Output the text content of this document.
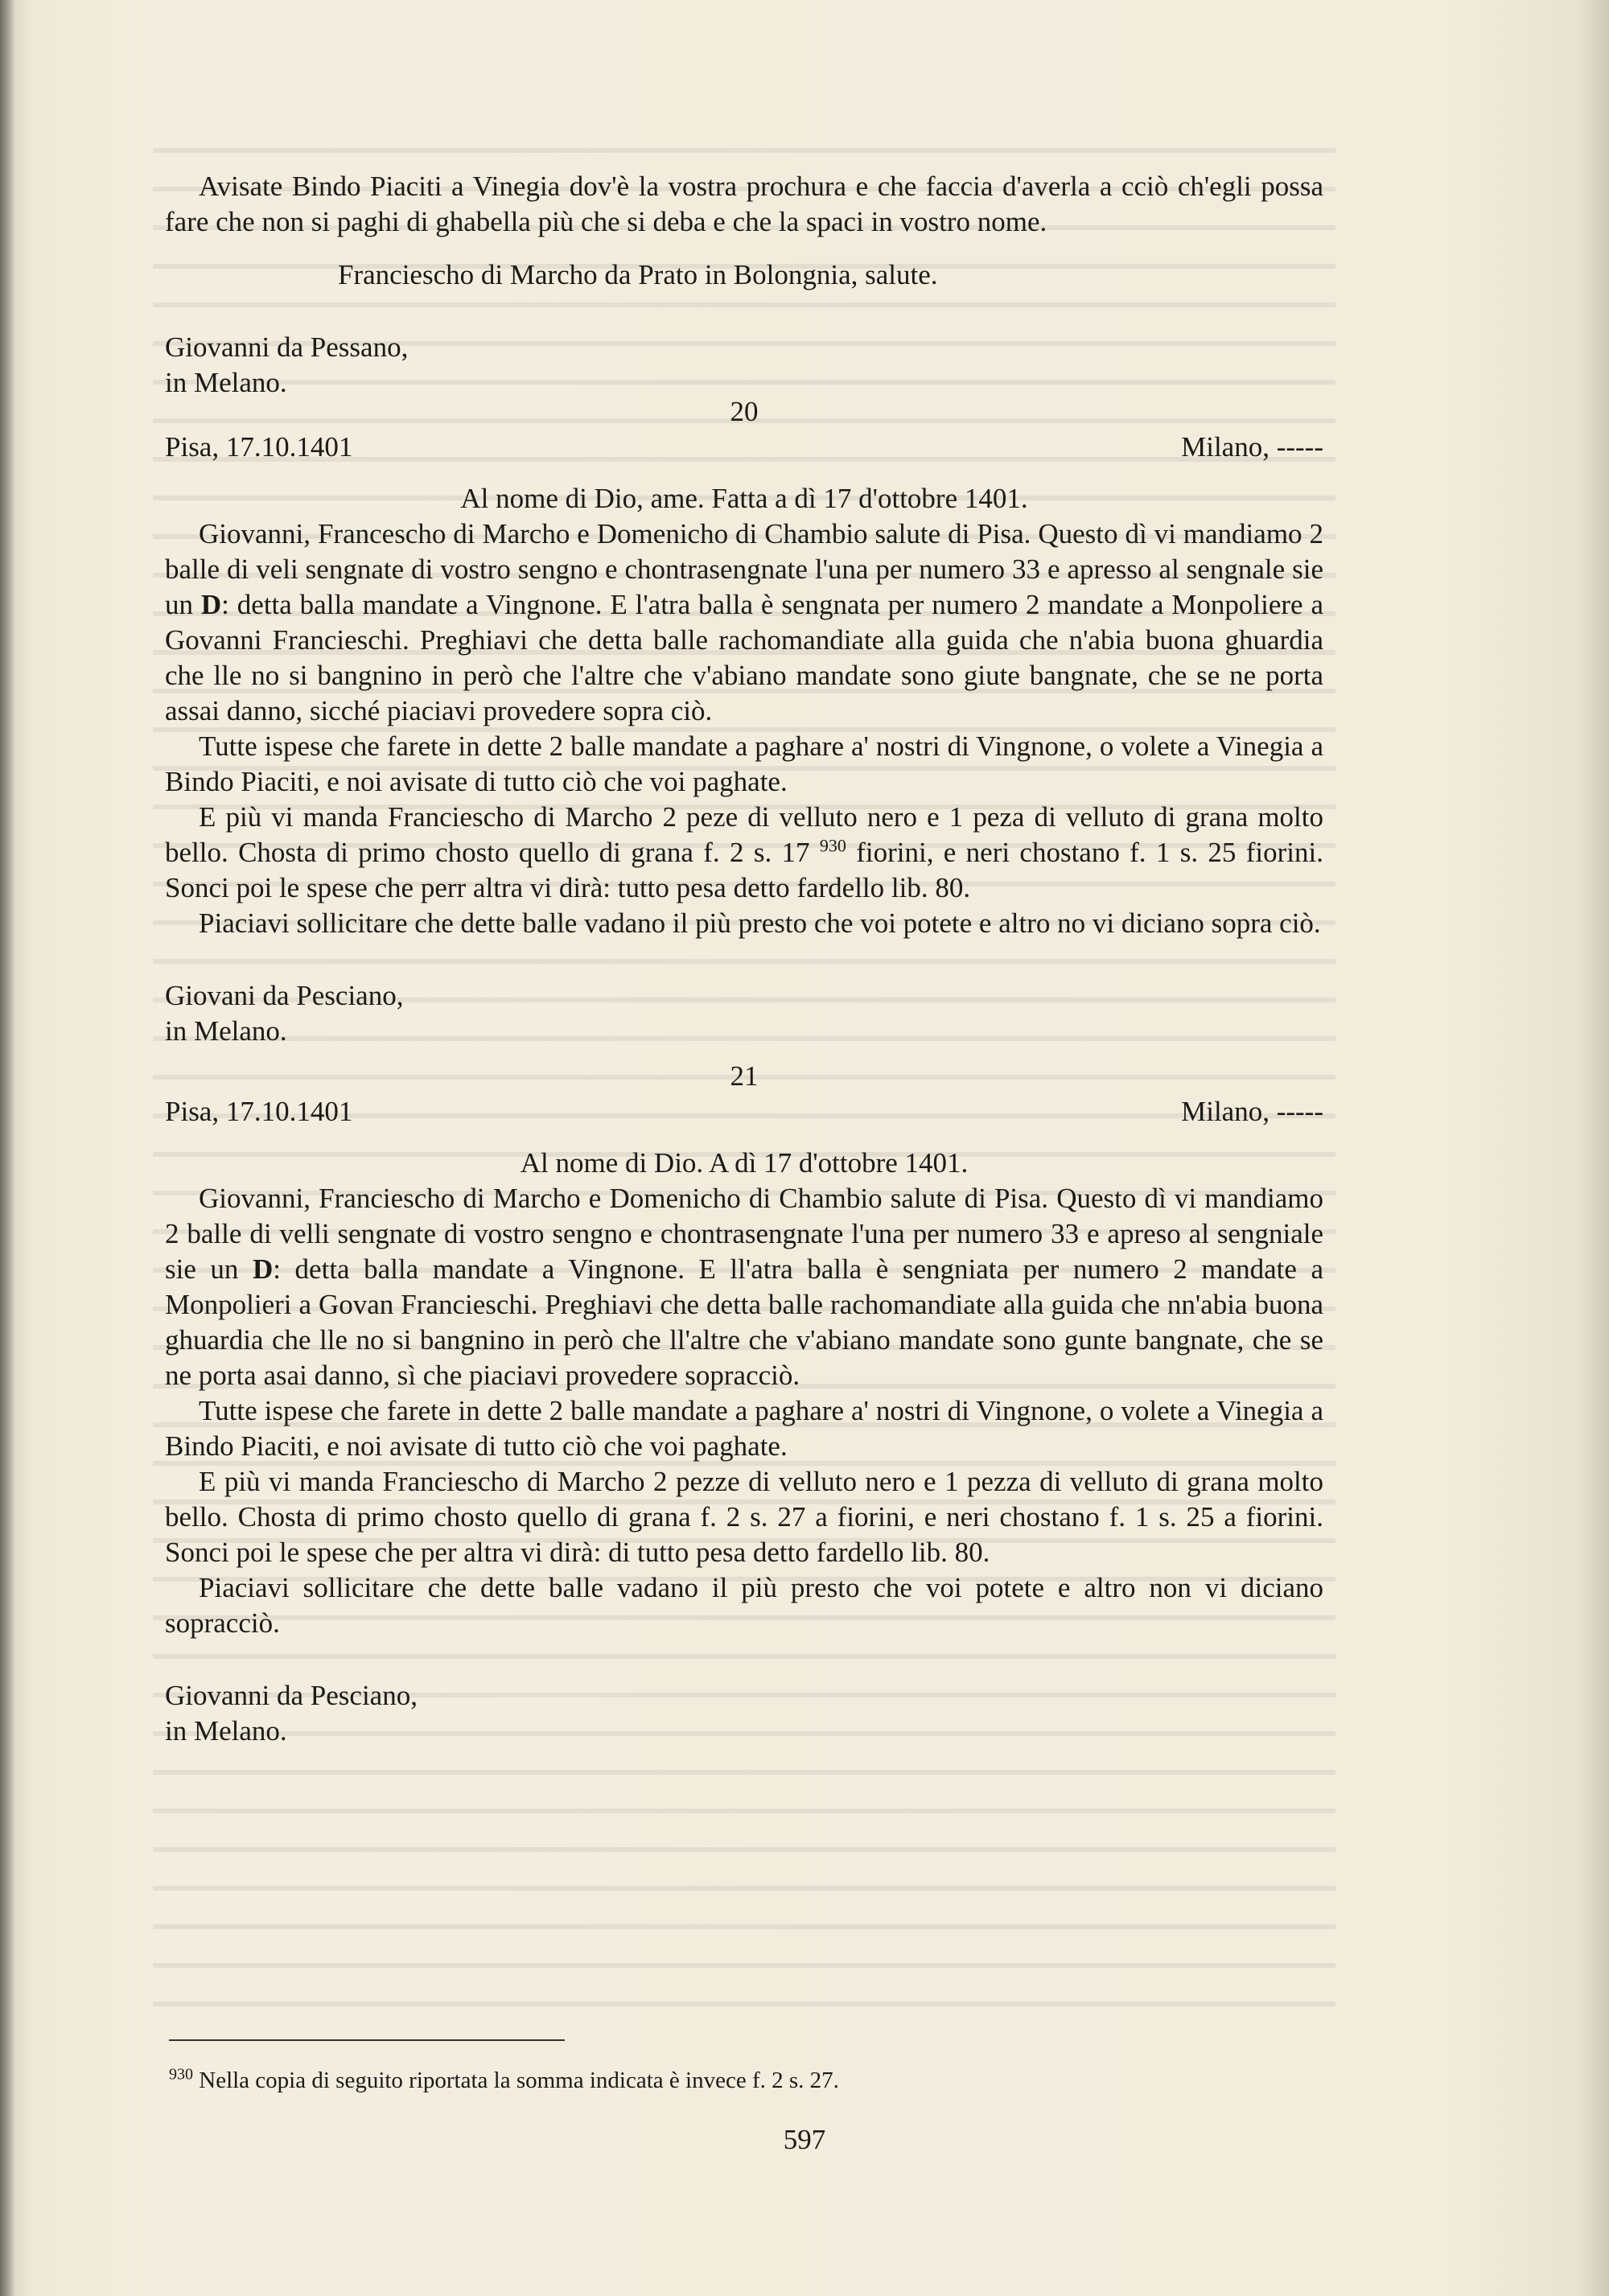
Avisate Bindo Piaciti a Vinegia dov'è la vostra prochura e che faccia d'averla a cciò ch'egli possa fare che non si paghi di ghabella più che si deba e che la spaci in vostro nome.

Franciescho di Marcho da Prato in Bolongnia, salute.
Giovanni da Pessano,
in Melano.
20
Pisa, 17.10.1401	Milano, -----
Al nome di Dio, ame. Fatta a dì 17 d'ottobre 1401.

Giovanni, Francescho di Marcho e Domenicho di Chambio salute di Pisa. Questo dì vi mandiamo 2 balle di veli sengnate di vostro sengno e chontrasengnate l'una per numero 33 e apresso al sengnale sie un D: detta balla mandate a Vingnone. E l'atra balla è sengnata per numero 2 mandate a Monpoliere a Govanni Francieschi. Preghiavi che detta balle rachomandiate alla guida che n'abia buona ghuardia che lle no si bangnino in però che l'altre che v'abiano mandate sono giute bangnate, che se ne porta assai danno, sicché piaciavi provedere sopra ciò.

Tutte ispese che farete in dette 2 balle mandate a paghare a' nostri di Vingnone, o volete a Vinegia a Bindo Piaciti, e noi avisate di tutto ciò che voi paghate.

E più vi manda Franciescho di Marcho 2 peze di velluto nero e 1 peza di velluto di grana molto bello. Chosta di primo chosto quello di grana f. 2 s. 17 $^{930}$ fiorini, e neri chostano f. 1 s. 25 fiorini. Sonci poi le spese che perr altra vi dirà: tutto pesa detto fardello lib. 80.

Piaciavi sollicitare che dette balle vadano il più presto che voi potete e altro no vi diciano sopra ciò.

Giovani da Pesciano,
in Melano.
21
Pisa, 17.10.1401	Milano, -----
Al nome di Dio. A dì 17 d'ottobre 1401.

Giovanni, Franciescho di Marcho e Domenicho di Chambio salute di Pisa. Questo dì vi mandiamo 2 balle di velli sengnate di vostro sengno e chontrasengnate l'una per numero 33 e apreso al sengniale sie un D: detta balla mandate a Vingnone. E ll'atra balla è sengniata per numero 2 mandate a Monpolieri a Govan Francieschi. Preghiavi che detta balle rachomandiate alla guida che nn'abia buona ghuardia che lle no si bangnino in però che ll'altre che v'abiano mandate sono gunte bangnate, che se ne porta asai danno, sì che piaciavi provedere sopracciò.

Tutte ispese che farete in dette 2 balle mandate a paghare a' nostri di Vingnone, o volete a Vinegia a Bindo Piaciti, e noi avisate di tutto ciò che voi paghate.

E più vi manda Franciescho di Marcho 2 pezze di velluto nero e 1 pezza di velluto di grana molto bello. Chosta di primo chosto quello di grana f. 2 s. 27 a fiorini, e neri chostano f. 1 s. 25 a fiorini. Sonci poi le spese che per altra vi dirà: di tutto pesa detto fardello lib. 80.

Piaciavi sollicitare che dette balle vadano il più presto che voi potete e altro non vi diciano sopracciò.

Giovanni da Pesciano,
in Melano.
$^{930}$ Nella copia di seguito riportata la somma indicata è invece f. 2 s. 27.
597
